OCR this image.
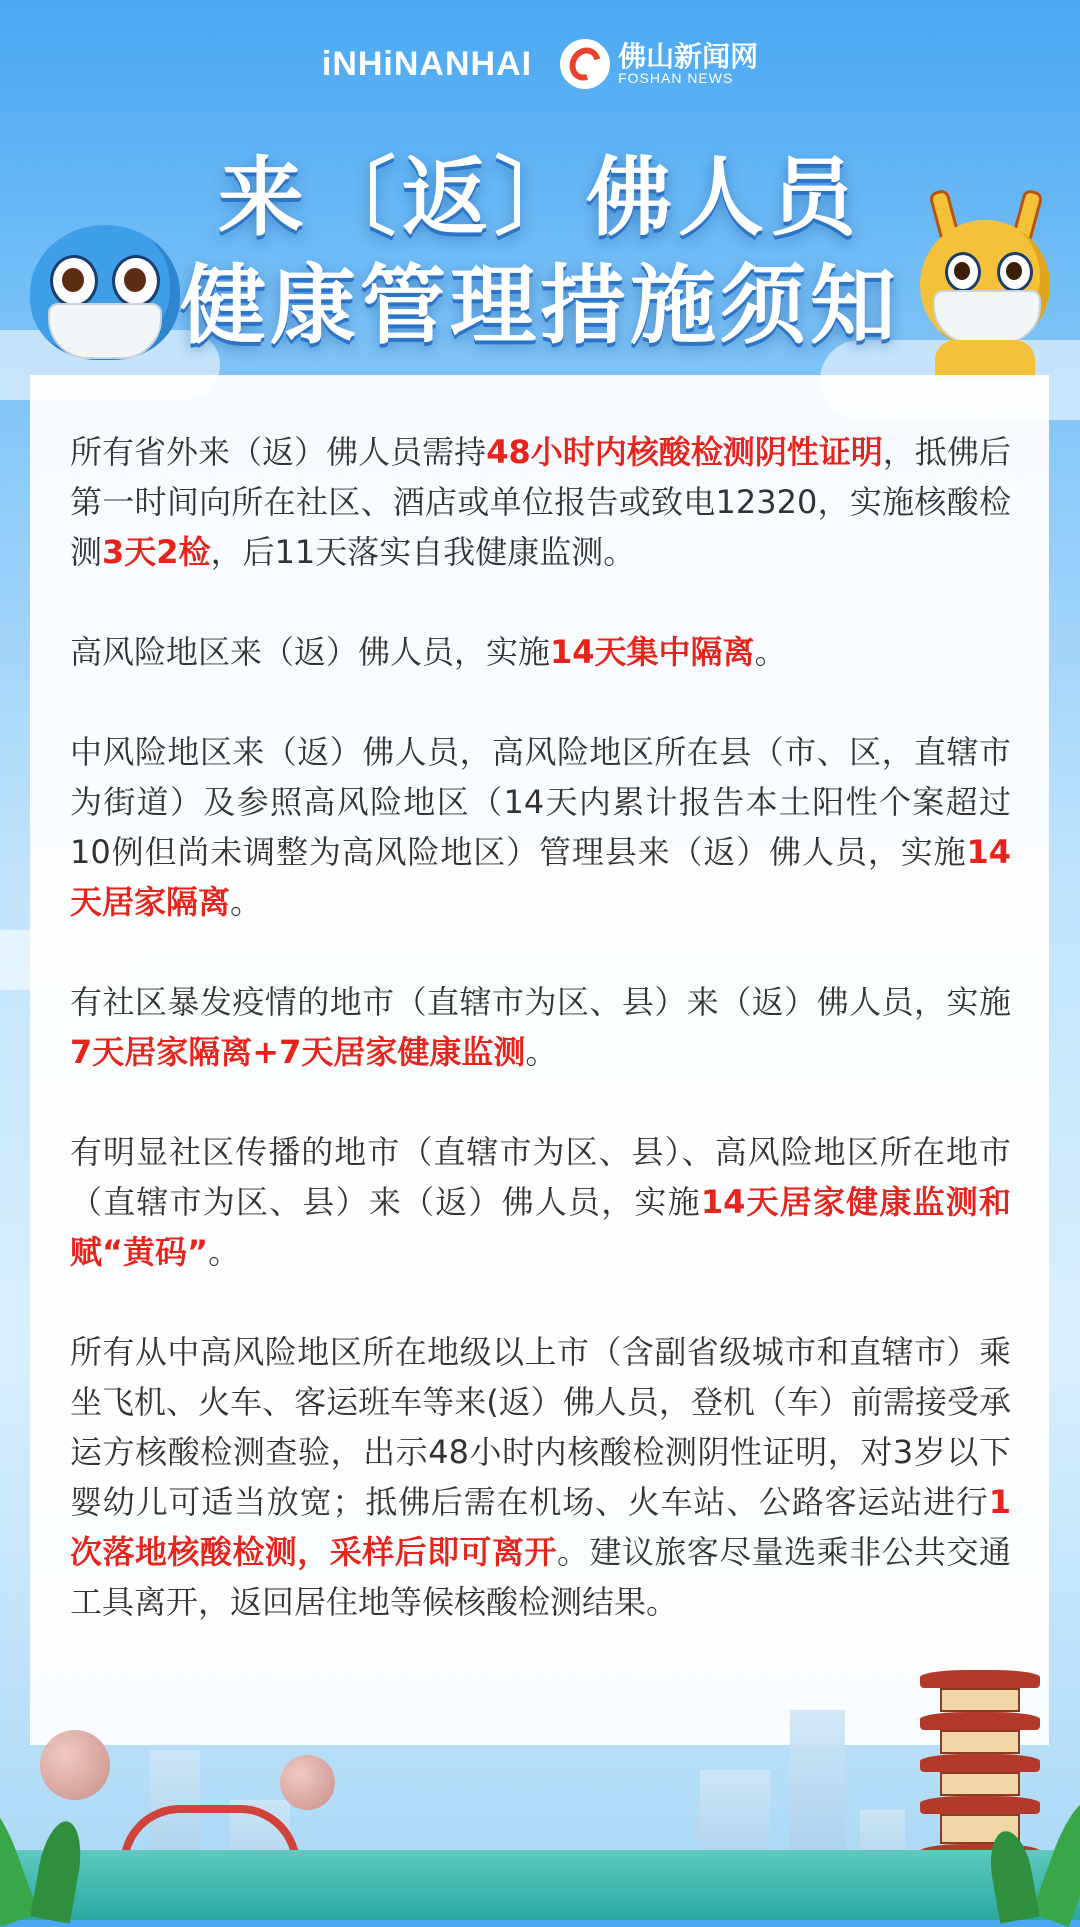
iNHiNANHAI	佛山新闻网
FOSHAN NEWS
来〔返〕佛人员
健康管理措施须知

所有省外来（返）佛人员需持48小时内核酸检测阴性证明，抵佛后第一时间向所在社区、酒店或单位报告或致电12320，实施核酸检测3天2检，后11天落实自我健康监测。

高风险地区来（返）佛人员，实施14天集中隔离。

中风险地区来（返）佛人员，高风险地区所在县（市、区，直辖市为街道）及参照高风险地区（14天内累计报告本土阳性个案超过10例但尚未调整为高风险地区）管理县来（返）佛人员，实施14天居家隔离。

有社区暴发疫情的地市（直辖市为区、县）来（返）佛人员，实施7天居家隔离+7天居家健康监测。

有明显社区传播的地市（直辖市为区、县）、高风险地区所在地市（直辖市为区、县）来（返）佛人员，实施14天居家健康监测和赋“黄码”。

所有从中高风险地区所在地级以上市（含副省级城市和直辖市）乘坐飞机、火车、客运班车等来(返）佛人员，登机（车）前需接受承运方核酸检测查验，出示48小时内核酸检测阴性证明，对3岁以下婴幼儿可适当放宽；抵佛后需在机场、火车站、公路客运站进行1次落地核酸检测，采样后即可离开。建议旅客尽量选乘非公共交通工具离开，返回居住地等候核酸检测结果。
